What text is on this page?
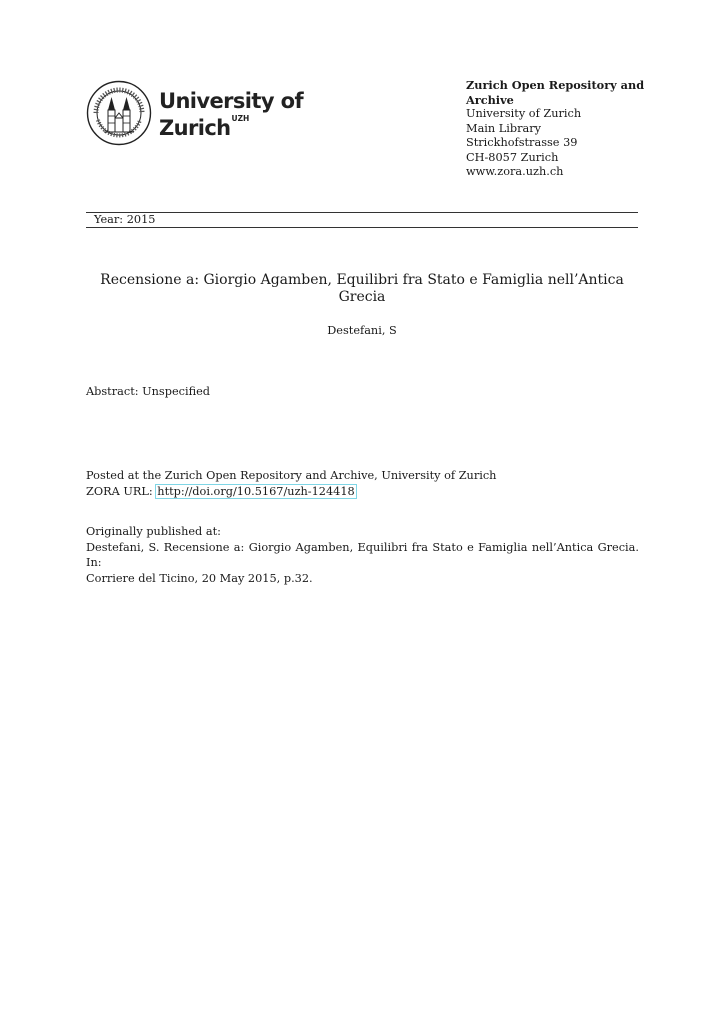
University of
Zurich$^{UZH}$
Zurich Open Repository and
Archive
University of Zurich
Main Library
Strickhofstrasse 39
CH-8057 Zurich
www.zora.uzh.ch
Year: 2015
Recensione a: Giorgio Agamben, Equilibri fra Stato e Famiglia nell’Antica
Grecia
Destefani, S
Abstract: Unspecified
Posted at the Zurich Open Repository and Archive, University of Zurich
ZORA URL: http://doi.org/10.5167/uzh-124418
Originally published at:
Destefani, S. Recensione a: Giorgio Agamben, Equilibri fra Stato e Famiglia nell’Antica Grecia. In:
Corriere del Ticino, 20 May 2015, p.32.
